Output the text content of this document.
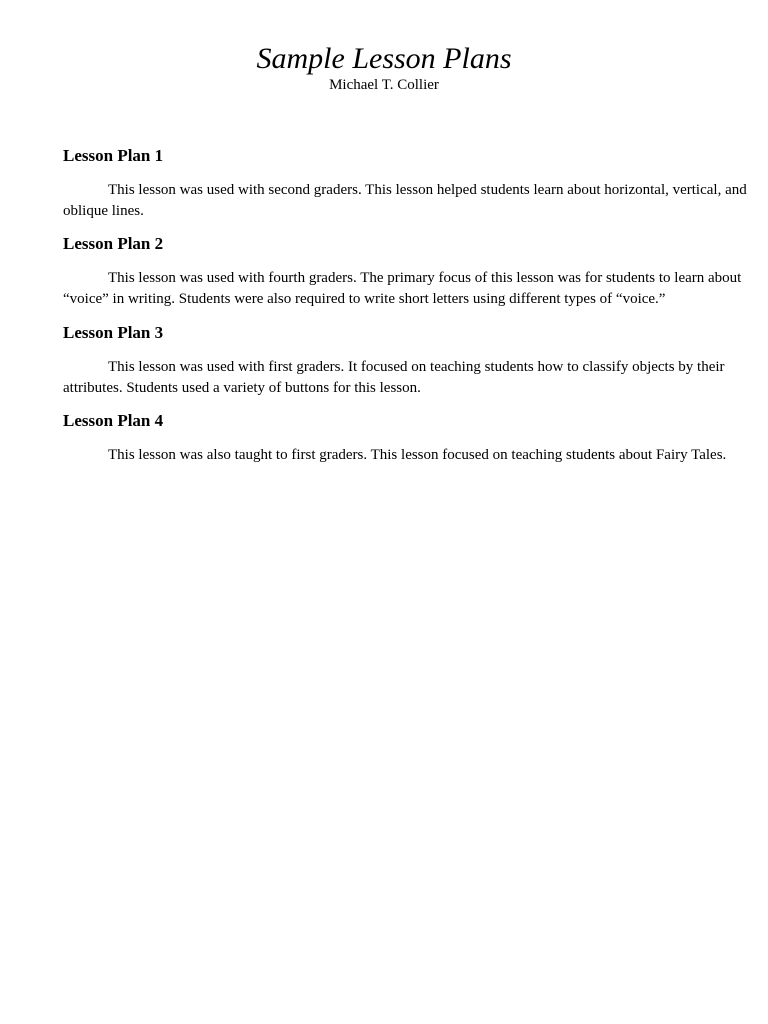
Sample Lesson Plans

Michael T. Collier

Lesson Plan 1

This lesson was used with second graders. This lesson helped students learn about horizontal, vertical, and oblique lines.

Lesson Plan 2

This lesson was used with fourth graders. The primary focus of this lesson was for students to learn about “voice” in writing. Students were also required to write short letters using different types of “voice.”

Lesson Plan 3

This lesson was used with first graders. It focused on teaching students how to classify objects by their attributes. Students used a variety of buttons for this lesson.

Lesson Plan 4

This lesson was also taught to first graders. This lesson focused on teaching students about Fairy Tales.
